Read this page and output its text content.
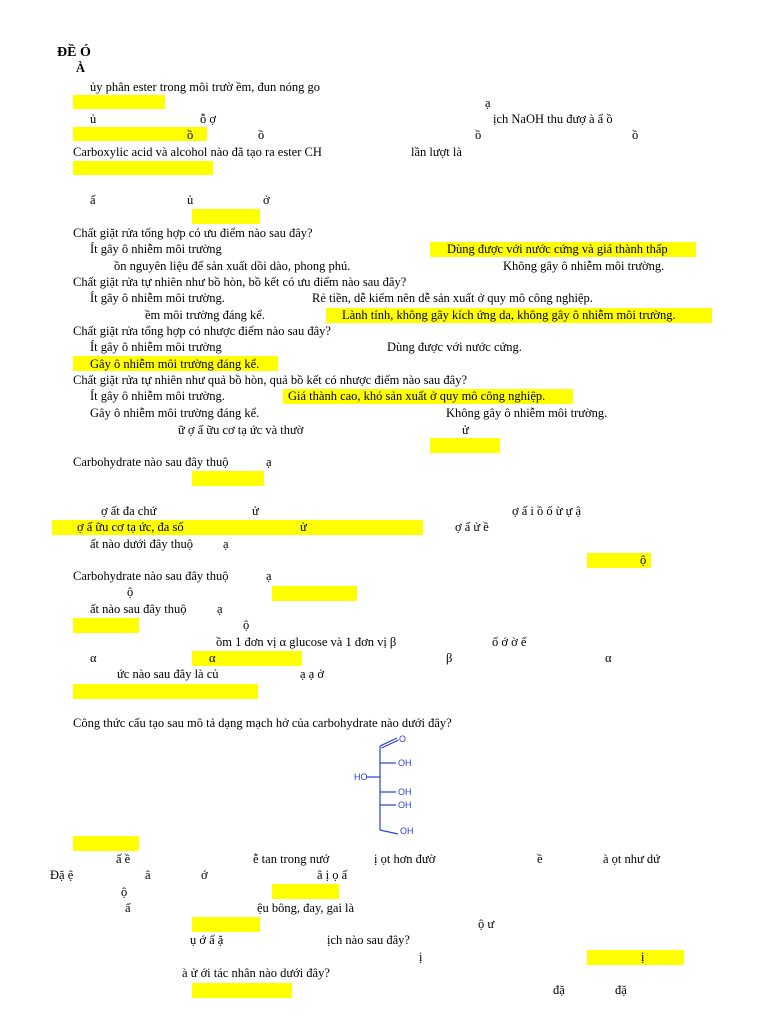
ĐỀ Ó
À
ủy phân ester trong môi trườ ềm, đun nóng go
ạ
ủ	ỗ ợ	ịch NaOH thu đượ à ẩ ồ
ồ	ồ	ồ	ồ
Carboxylic acid và alcohol nào đã tạo ra ester CH	lần lượt là
ấ	ủ	ở
Chất giặt rửa tổng hợp có ưu điểm nào sau đây?
Ít gây ô nhiễm môi trường	Dùng được với nước cứng và giá thành thấp
ồn nguyên liệu để sản xuất dồi dào, phong phú.	Không gây ô nhiễm môi trường.
Chất giặt rửa tự nhiên như bồ hòn, bồ kết có ưu điểm nào sau đây?
Ít gây ô nhiễm môi trường.	Rẻ tiền, dễ kiếm nên dễ sản xuất ở quy mô công nghiệp.
ềm môi trường đáng kể.	Lành tính, không gây kích ứng da, không gây ô nhiễm môi trường.
Chất giặt rửa tổng hợp có nhược điểm nào sau đây?
Ít gây ô nhiễm môi trường	Dùng được với nước cứng.
Gây ô nhiễm môi trường đáng kể.
Chất giặt rửa tự nhiên như quả bồ hòn, quả bồ kết có nhược điểm nào sau đây?
Ít gây ô nhiễm môi trường.	Giá thành cao, khó sản xuất ở quy mô công nghiệp.
Gây ô nhiễm môi trường đáng kể.	Không gây ô nhiễm môi trường.
ữ ợ ấ ữu cơ tạ ức và thườ	ử
Carbohydrate nào sau đây thuộ	ạ
ợ ất đa chứ	ử	ợ ấ i ồ ố ừ ự ậ
ợ ấ ữu cơ tạ ức, đa số	ử	ợ ấ ử ề
ất nào dưới đây thuộ ạ
ộ
Carbohydrate nào sau đây thuộ	ạ
ộ
ất nào sau đây thuộ ạ
ộ
ồm 1 đơn vị α glucose và 1 đơn vị β	ố ớ ờ ế
α	α	β	α
ức nào sau đây là củ	ạ ạ ở
Công thức cấu tạo sau mô tả dạng mạch hở của carbohydrate nào dưới đây?
O
OH
HO
OH
OH
OH
ấ ề	ễ tan trong nướ	ị ọt hơn đườ	ề	à ọt như dứ
Đặ ệ	â	ớ	â ị ọ ấ
ộ
ấ	ệu bông, đay, gai là
ộ ư
ụ ớ ấ ặ	ịch nào sau đây?
ị	ị
à ử ới tác nhân nào dưới đây?
đặ	đặ
